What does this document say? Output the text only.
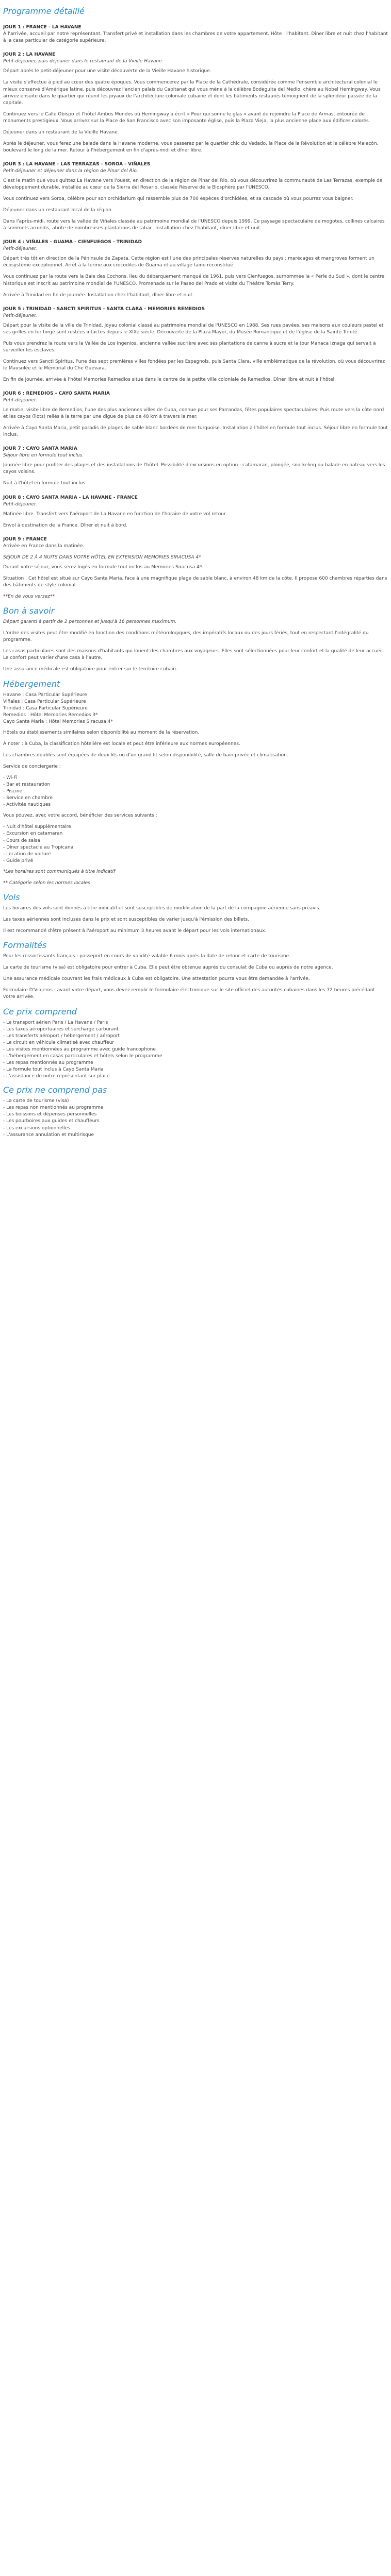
Programme détaillé
JOUR 1 : FRANCE - LA HAVANE

À l'arrivée, accueil par notre représentant. Transfert privé et installation dans les chambres de votre appartement. Hôte : l'habitant. Dîner libre et nuit chez l'habitant à la casa particular de catégorie supérieure.

JOUR 2 : LA HAVANE

Petit-déjeuner, puis déjeuner dans le restaurant de la Vieille Havane.

Départ après le petit-déjeuner pour une visite découverte de la Vieille Havane historique.

La visite s'effectue à pied au cœur des quatre époques. Vous commencerez par la Place de la Cathédrale, considérée comme l'ensemble architectural colonial le mieux conservé d'Amérique latine, puis découvrez l'ancien palais du Capitanat qui vous mène à la célèbre Bodeguita del Medio, chère au Nobel Hemingway. Vous arrivez ensuite dans le quartier qui réunit les joyaux de l'architecture coloniale cubaine et dont les bâtiments restaurés témoignent de la splendeur passée de la capitale.

Continuez vers le Calle Obispo et l'hôtel Ambos Mundos où Hemingway a écrit « Pour qui sonne le glas » avant de rejoindre la Place de Armas, entourée de monuments prestigieux. Vous arrivez sur la Place de San Francisco avec son imposante église, puis la Plaza Vieja, la plus ancienne place aux édifices colorés.

Déjeuner dans un restaurant de la Vieille Havane.

Après le déjeuner, vous ferez une balade dans la Havane moderne, vous passerez par le quartier chic du Vedado, la Place de la Révolution et le célèbre Malecón, boulevard le long de la mer. Retour à l'hébergement en fin d'après-midi et dîner libre.

JOUR 3 : LA HAVANE - LAS TERRAZAS - SOROA - VIÑALES

Petit-déjeuner et déjeuner dans la région de Pinar del Rio.

C'est le matin que vous quittez La Havane vers l'ouest, en direction de la région de Pinar del Rio, où vous découvrirez la communauté de Las Terrazas, exemple de développement durable, installée au cœur de la Sierra del Rosario, classée Réserve de la Biosphère par l'UNESCO.

Vous continuez vers Soroa, célèbre pour son orchidarium qui rassemble plus de 700 espèces d'orchidées, et sa cascade où vous pourrez vous baigner.

Déjeuner dans un restaurant local de la région.

Dans l'après-midi, route vers la vallée de Viñales classée au patrimoine mondial de l'UNESCO depuis 1999. Ce paysage spectaculaire de mogotes, collines calcaires à sommets arrondis, abrite de nombreuses plantations de tabac. Installation chez l'habitant, dîner libre et nuit.

JOUR 4 : VIÑALES - GUAMA - CIENFUEGOS - TRINIDAD

Petit-déjeuner.

Départ très tôt en direction de la Péninsule de Zapata. Cette région est l'une des principales réserves naturelles du pays ; marécages et mangroves forment un écosystème exceptionnel. Arrêt à la ferme aux crocodiles de Guama et au village taïno reconstitué.

Vous continuez par la route vers la Baie des Cochons, lieu du débarquement manqué de 1961, puis vers Cienfuegos, surnommée la « Perle du Sud », dont le centre historique est inscrit au patrimoine mondial de l'UNESCO. Promenade sur le Paseo del Prado et visite du Théâtre Tomás Terry.

Arrivée à Trinidad en fin de journée. Installation chez l'habitant, dîner libre et nuit.

JOUR 5 : TRINIDAD - SANCTI SPIRITUS - SANTA CLARA - MEMORIES REMEDIOS

Petit-déjeuner.

Départ pour la visite de la ville de Trinidad, joyau colonial classé au patrimoine mondial de l'UNESCO en 1988. Ses rues pavées, ses maisons aux couleurs pastel et ses grilles en fer forgé sont restées intactes depuis le XIXe siècle. Découverte de la Plaza Mayor, du Musée Romantique et de l'église de la Sainte Trinité.

Puis vous prendrez la route vers la Vallée de Los Ingenios, ancienne vallée sucrière avec ses plantations de canne à sucre et la tour Manaca Iznaga qui servait à surveiller les esclaves.

Continuez vers Sancti Spiritus, l'une des sept premières villes fondées par les Espagnols, puis Santa Clara, ville emblématique de la révolution, où vous découvrirez le Mausolée et le Mémorial du Che Guevara.

En fin de journée, arrivée à l'hôtel Memories Remedios situé dans le centre de la petite ville coloniale de Remedios. Dîner libre et nuit à l'hôtel.

JOUR 6 : REMEDIOS - CAYO SANTA MARIA

Petit-déjeuner.

Le matin, visite libre de Remedios, l'une des plus anciennes villes de Cuba, connue pour ses Parrandas, fêtes populaires spectaculaires. Puis route vers la côte nord et les cayos (îlots) reliés à la terre par une digue de plus de 48 km à travers la mer.

Arrivée à Cayo Santa Maria, petit paradis de plages de sable blanc bordées de mer turquoise. Installation à l'hôtel en formule tout inclus. Séjour libre en formule tout inclus.

JOUR 7 : CAYO SANTA MARIA

Séjour libre en formule tout inclus.

Journée libre pour profiter des plages et des installations de l'hôtel. Possibilité d'excursions en option : catamaran, plongée, snorkeling ou balade en bateau vers les cayos voisins.

Nuit à l'hôtel en formule tout inclus.

JOUR 8 : CAYO SANTA MARIA - LA HAVANE - FRANCE

Petit-déjeuner.

Matinée libre. Transfert vers l'aéroport de La Havane en fonction de l'horaire de votre vol retour.

Envol à destination de la France. Dîner et nuit à bord.

JOUR 9 : FRANCE

Arrivée en France dans la matinée.

SÉJOUR DE 2 À 4 NUITS DANS VOTRE HÔTEL EN EXTENSION MEMORIES SIRACUSA 4*

Durant votre séjour, vous serez logés en formule tout inclus au Memories Siracusa 4*.

Situation : Cet hôtel est situé sur Cayo Santa Maria, face à une magnifique plage de sable blanc, à environ 48 km de la côte. Il propose 600 chambres réparties dans des bâtiments de style colonial.

**En de vous versez**

Bon à savoir

Départ garanti à partir de 2 personnes et jusqu'à 16 personnes maximum.

L'ordre des visites peut être modifié en fonction des conditions météorologiques, des impératifs locaux ou des jours fériés, tout en respectant l'intégralité du programme.

Les casas particulares sont des maisons d'habitants qui louent des chambres aux voyageurs. Elles sont sélectionnées pour leur confort et la qualité de leur accueil. Le confort peut varier d'une casa à l'autre.

Une assurance médicale est obligatoire pour entrer sur le territoire cubain.

Hébergement
Havane : Casa Particular Supérieure
Viñales : Casa Particular Supérieure
Trinidad : Casa Particular Supérieure
Remedios : Hôtel Memories Remedios 3*
Cayo Santa Maria : Hôtel Memories Siracusa 4*

Hôtels ou établissements similaires selon disponibilité au moment de la réservation.

À noter : à Cuba, la classification hôtelière est locale et peut être inférieure aux normes européennes.

Les chambres doubles sont équipées de deux lits ou d'un grand lit selon disponibilité, salle de bain privée et climatisation.

Service de conciergerie :

- Wi-Fi
- Bar et restauration
- Piscine
- Service en chambre
- Activités nautiques

Vous pouvez, avec votre accord, bénéficier des services suivants :

- Nuit d'hôtel supplémentaire
- Excursion en catamaran
- Cours de salsa
- Dîner spectacle au Tropicana
- Location de voiture
- Guide privé

*Les horaires sont communiqués à titre indicatif

** Catégorie selon les normes locales

Vols

Les horaires des vols sont donnés à titre indicatif et sont susceptibles de modification de la part de la compagnie aérienne sans préavis.

Les taxes aériennes sont incluses dans le prix et sont susceptibles de varier jusqu'à l'émission des billets.

Il est recommandé d'être présent à l'aéroport au minimum 3 heures avant le départ pour les vols internationaux.

Formalités

Pour les ressortissants français : passeport en cours de validité valable 6 mois après la date de retour et carte de tourisme.

La carte de tourisme (visa) est obligatoire pour entrer à Cuba. Elle peut être obtenue auprès du consulat de Cuba ou auprès de notre agence.

Une assurance médicale couvrant les frais médicaux à Cuba est obligatoire. Une attestation pourra vous être demandée à l'arrivée.

Formulaire D'Viajeros : avant votre départ, vous devez remplir le formulaire électronique sur le site officiel des autorités cubaines dans les 72 heures précédant votre arrivée.

Ce prix comprend
- Le transport aérien Paris / La Havane / Paris
- Les taxes aéroportuaires et surcharge carburant
- Les transferts aéroport / hébergement / aéroport
- Le circuit en véhicule climatisé avec chauffeur
- Les visites mentionnées au programme avec guide francophone
- L'hébergement en casas particulares et hôtels selon le programme
- Les repas mentionnés au programme
- La formule tout inclus à Cayo Santa Maria
- L'assistance de notre représentant sur place
Ce prix ne comprend pas
- La carte de tourisme (visa)
- Les repas non mentionnés au programme
- Les boissons et dépenses personnelles
- Les pourboires aux guides et chauffeurs
- Les excursions optionnelles
- L'assurance annulation et multirisque
